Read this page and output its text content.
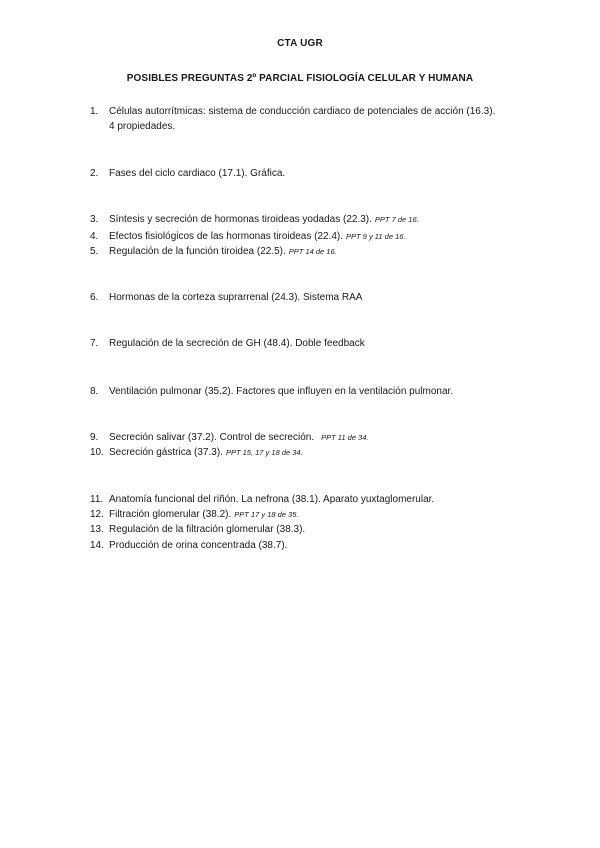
CTA UGR
POSIBLES PREGUNTAS 2º PARCIAL FISIOLOGÍA CELULAR Y HUMANA
1.	Células autorrítmicas: sistema de conducción cardiaco de potenciales de acción (16.3).
4 propiedades.
2.	Fases del ciclo cardiaco (17.1). Gráfica.
3.	Síntesis y secreción de hormonas tiroideas yodadas (22.3). PPT 7 de 16.
4.	Efectos fisiológicos de las hormonas tiroideas (22.4). PPT 9 y 11 de 16.
5.	Regulación de la función tiroidea (22.5). PPT 14 de 16.
6.	Hormonas de la corteza suprarrenal (24.3). Sistema RAA
7.	Regulación de la secreción de GH (48.4). Doble feedback
8.	Ventilación pulmonar (35.2). Factores que influyen en la ventilación pulmonar.
9.	Secreción salivar (37.2). Control de secreción. PPT 11 de 34.
10. Secreción gástrica (37.3). PPT 15, 17 y 18 de 34.
11. Anatomía funcional del riñón. La nefrona (38.1). Aparato yuxtaglomerular.
12. Filtración glomerular (38.2). PPT 17 y 18 de 35.
13. Regulación de la filtración glomerular (38.3).
14. Producción de orina concentrada (38.7).
